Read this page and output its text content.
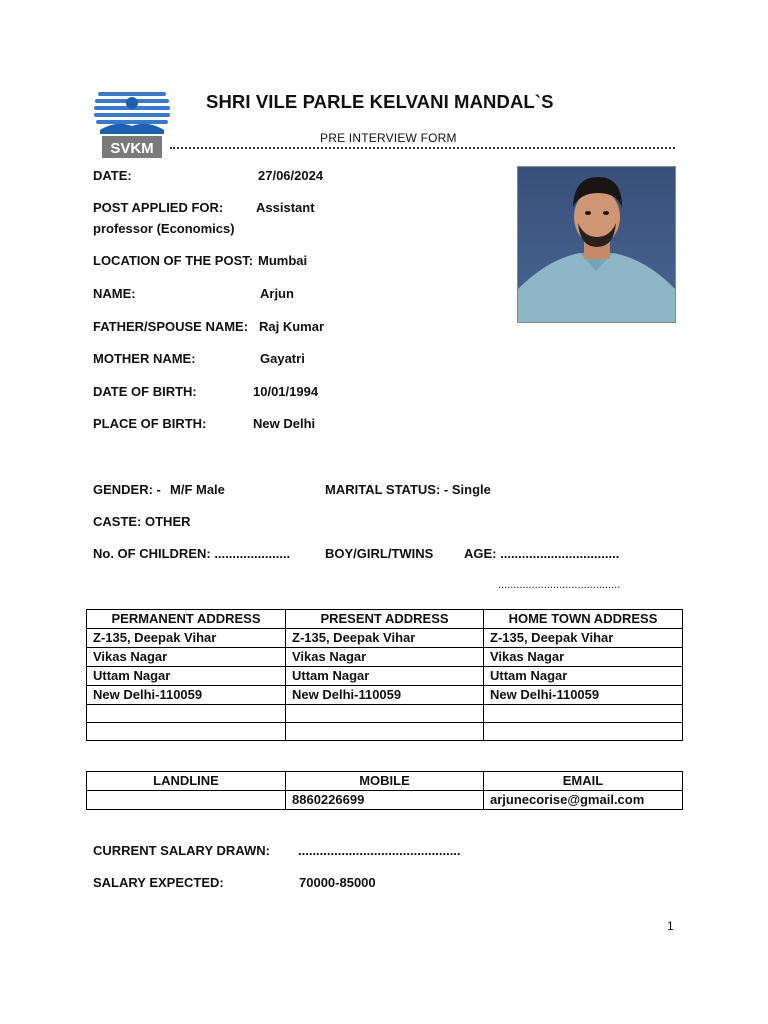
SVKM
SHRI VILE PARLE KELVANI MANDAL`S
PRE INTERVIEW FORM
DATE:	27/06/2024
POST APPLIED FOR:	Assistant
professor (Economics)
LOCATION OF THE POST: Mumbai
NAME:	Arjun
FATHER/SPOUSE NAME: Raj Kumar
MOTHER NAME:	Gayatri
DATE OF BIRTH:	10/01/1994
PLACE OF BIRTH:	New Delhi
GENDER: - M/F Male	MARITAL STATUS: - Single
CASTE: OTHER
No. OF CHILDREN: .....................	BOY/GIRL/TWINS AGE: .................................
........................................
PERMANENT ADDRESS	PRESENT ADDRESS	HOME TOWN ADDRESS
Z-135, Deepak Vihar	Z-135, Deepak Vihar	Z-135, Deepak Vihar
Vikas Nagar	Vikas Nagar	Vikas Nagar
Uttam Nagar	Uttam Nagar	Uttam Nagar
New Delhi-110059	New Delhi-110059	New Delhi-110059

LANDLINE	MOBILE	EMAIL
	8860226699	arjunecorise@gmail.com
CURRENT SALARY DRAWN: .............................................
SALARY EXPECTED:	70000-85000
1
